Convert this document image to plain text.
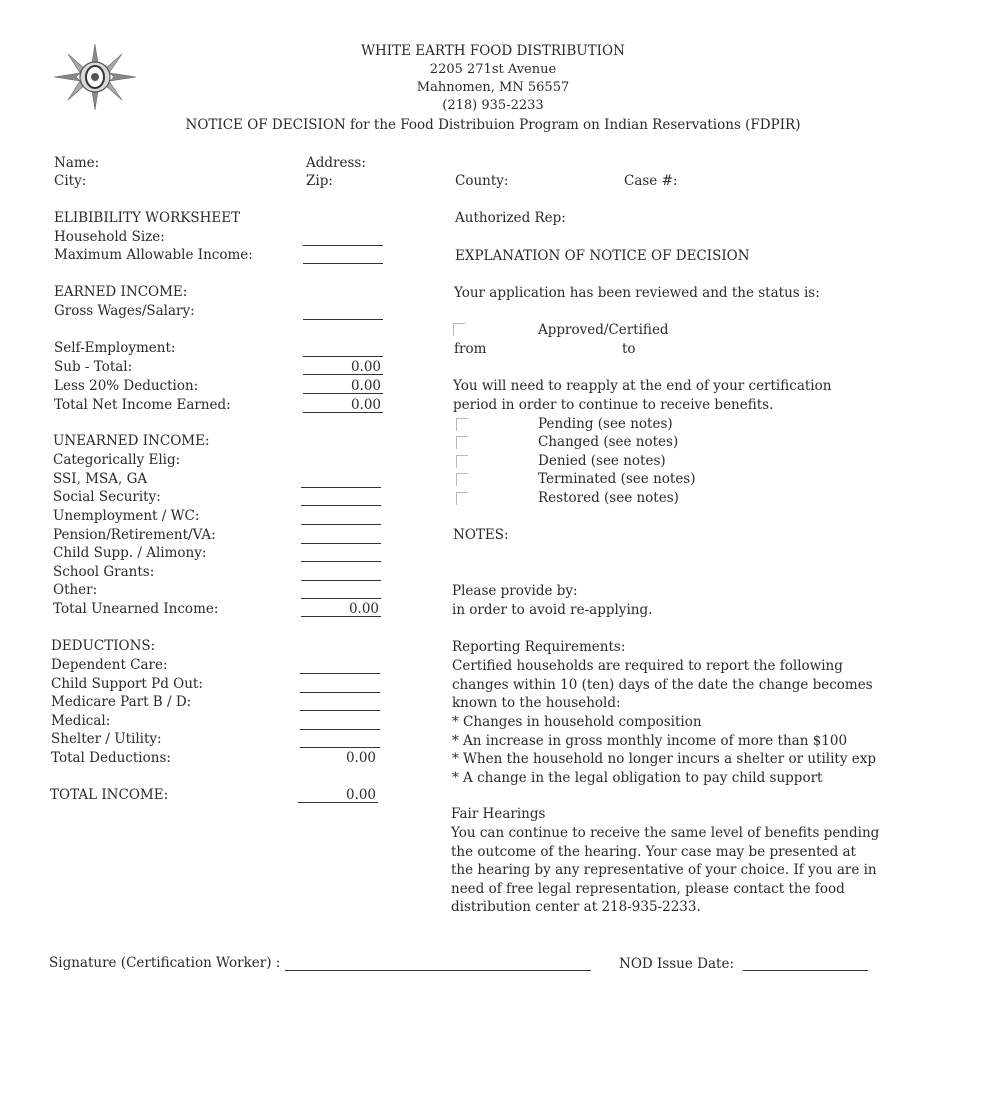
WHITE EARTH FOOD DISTRIBUTION
2205 271st Avenue
Mahnomen, MN 56557
(218) 935-2233
NOTICE OF DECISION for the Food Distribuion Program on Indian Reservations (FDPIR)
Name:
City:
Address:
Zip:	County:	Case #:
Authorized Rep:
ELIBIBILITY WORKSHEET
Household Size:
Maximum Allowable Income:
EARNED INCOME:
Gross Wages/Salary:
Self-Employment:
Sub - Total:	0.00
Less 20% Deduction:	0.00
Total Net Income Earned:	0.00
UNEARNED INCOME:
Categorically Elig:
SSI, MSA, GA
Social Security:
Unemployment / WC:
Pension/Retirement/VA:
Child Supp. / Alimony:
School Grants:
Other:
Total Unearned Income:	0.00
DEDUCTIONS:
Dependent Care:
Child Support Pd Out:
Medicare Part B / D:
Medical:
Shelter / Utility:
Total Deductions:	0.00
TOTAL INCOME:	0.00
EXPLANATION OF NOTICE OF DECISION
Your application has been reviewed and the status is:
Approved/Certified
from	to
You will need to reapply at the end of your certification
period in order to continue to receive benefits.
Pending (see notes)
Changed (see notes)
Denied (see notes)
Terminated (see notes)
Restored (see notes)
NOTES:
Please provide by:
in order to avoid re-applying.
Reporting Requirements:
Certified households are required to report the following
changes within 10 (ten) days of the date the change becomes
known to the household:
* Changes in household composition
* An increase in gross monthly income of more than $100
* When the household no longer incurs a shelter or utility exp
* A change in the legal obligation to pay child support
Fair Hearings
You can continue to receive the same level of benefits pending
the outcome of the hearing. Your case may be presented at
the hearing by any representative of your choice. If you are in
need of free legal representation, please contact the food
distribution center at 218-935-2233.
Signature (Certification Worker) :	NOD Issue Date:
